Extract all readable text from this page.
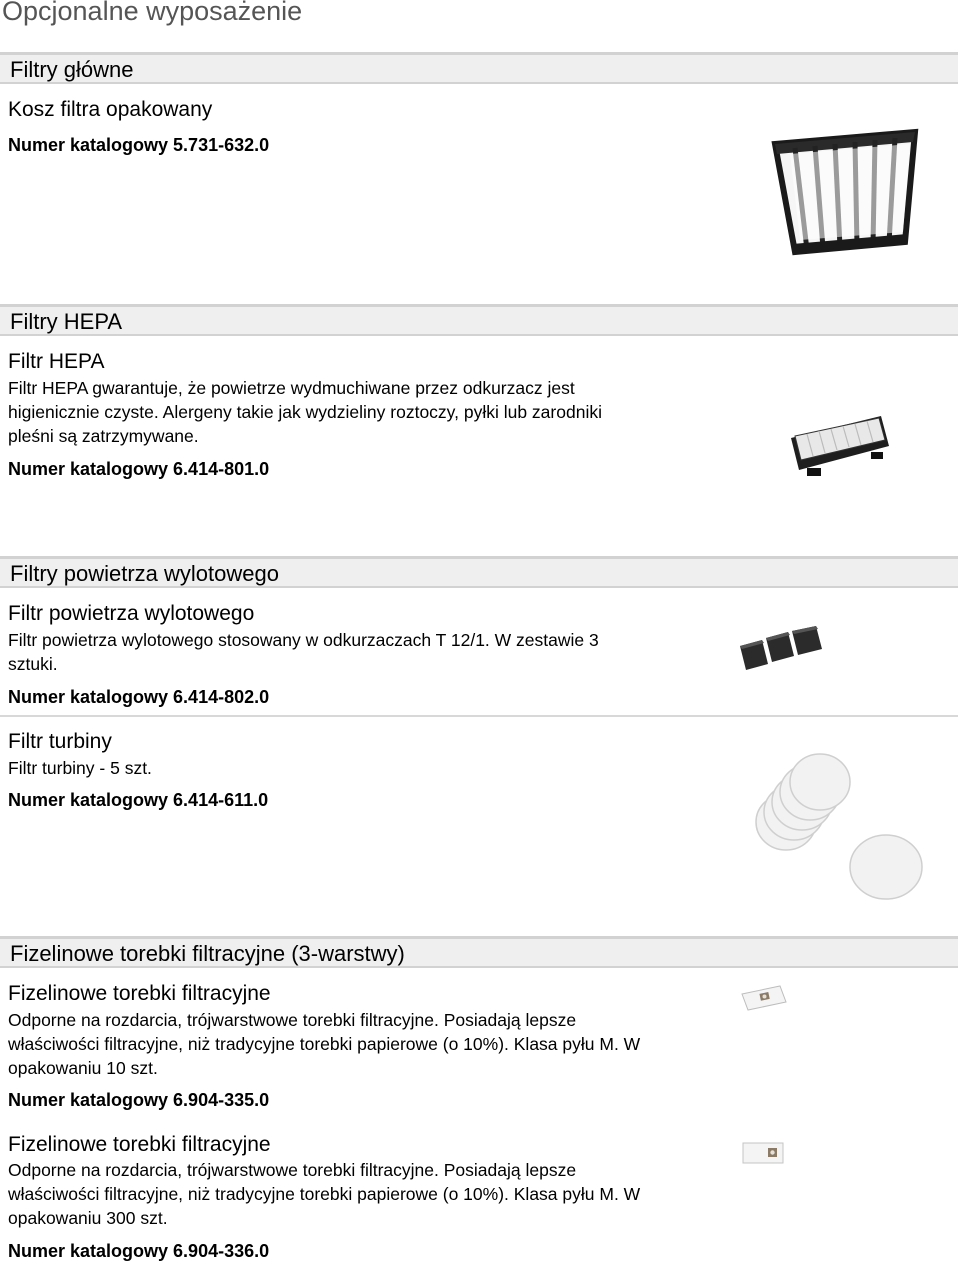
Opcjonalne wyposażenie
Filtry główne
Kosz filtra opakowany
Numer katalogowy 5.731-632.0
Filtry HEPA
Filtr HEPA
Filtr HEPA gwarantuje, że powietrze wydmuchiwane przez odkurzacz jest
higienicznie czyste. Alergeny takie jak wydzieliny roztoczy, pyłki lub zarodniki
pleśni są zatrzymywane.
Numer katalogowy 6.414-801.0
Filtry powietrza wylotowego
Filtr powietrza wylotowego
Filtr powietrza wylotowego stosowany w odkurzaczach T 12/1. W zestawie 3
sztuki.
Numer katalogowy 6.414-802.0
Filtr turbiny
Filtr turbiny - 5 szt.
Numer katalogowy 6.414-611.0
Fizelinowe torebki filtracyjne (3-warstwy)
Fizelinowe torebki filtracyjne
Odporne na rozdarcia, trójwarstwowe torebki filtracyjne. Posiadają lepsze
właściwości filtracyjne, niż tradycyjne torebki papierowe (o 10%). Klasa pyłu M. W
opakowaniu 10 szt.
Numer katalogowy 6.904-335.0
Fizelinowe torebki filtracyjne
Odporne na rozdarcia, trójwarstwowe torebki filtracyjne. Posiadają lepsze
właściwości filtracyjne, niż tradycyjne torebki papierowe (o 10%). Klasa pyłu M. W
opakowaniu 300 szt.
Numer katalogowy 6.904-336.0
